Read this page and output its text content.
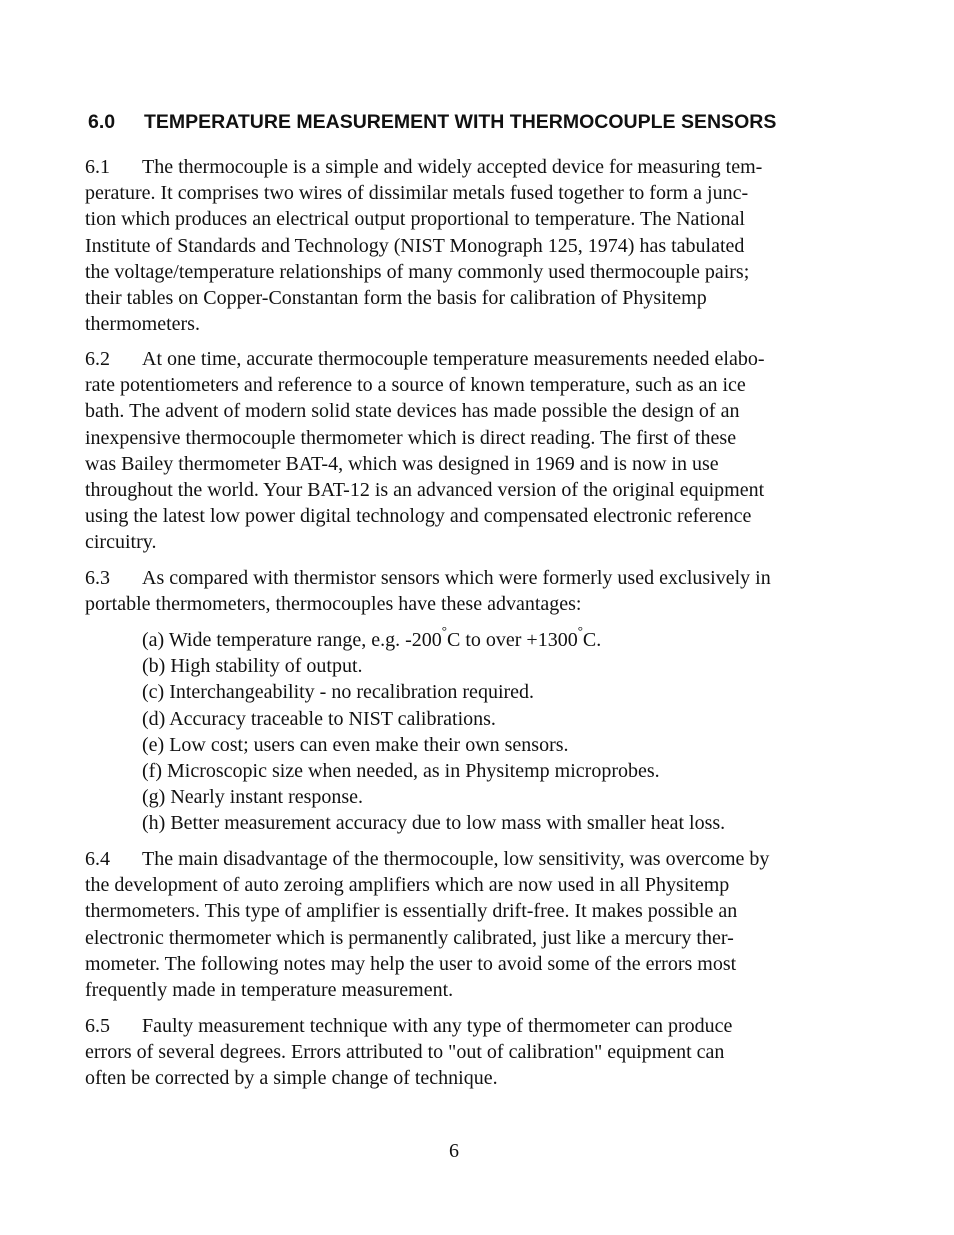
6.0 TEMPERATURE MEASUREMENT WITH THERMOCOUPLE SENSORS
6.1 The thermocouple is a simple and widely accepted device for measuring tem-
perature. It comprises two wires of dissimilar metals fused together to form a junc-
tion which produces an electrical output proportional to temperature. The National
Institute of Standards and Technology (NIST Monograph 125, 1974) has tabulated
the voltage/temperature relationships of many commonly used thermocouple pairs;
their tables on Copper-Constantan form the basis for calibration of Physitemp
thermometers.
6.2 At one time, accurate thermocouple temperature measurements needed elabo-
rate potentiometers and reference to a source of known temperature, such as an ice
bath. The advent of modern solid state devices has made possible the design of an
inexpensive thermocouple thermometer which is direct reading. The first of these
was Bailey thermometer BAT-4, which was designed in 1969 and is now in use
throughout the world. Your BAT-12 is an advanced version of the original equipment
using the latest low power digital technology and compensated electronic reference
circuitry.
6.3 As compared with thermistor sensors which were formerly used exclusively in
portable thermometers, thermocouples have these advantages:
(a) Wide temperature range, e.g. -200°C to over +1300°C.
(b) High stability of output.
(c) Interchangeability - no recalibration required.
(d) Accuracy traceable to NIST calibrations.
(e) Low cost; users can even make their own sensors.
(f) Microscopic size when needed, as in Physitemp microprobes.
(g) Nearly instant response.
(h) Better measurement accuracy due to low mass with smaller heat loss.
6.4 The main disadvantage of the thermocouple, low sensitivity, was overcome by
the development of auto zeroing amplifiers which are now used in all Physitemp
thermometers. This type of amplifier is essentially drift-free. It makes possible an
electronic thermometer which is permanently calibrated, just like a mercury ther-
mometer. The following notes may help the user to avoid some of the errors most
frequently made in temperature measurement.
6.5 Faulty measurement technique with any type of thermometer can produce
errors of several degrees. Errors attributed to "out of calibration" equipment can
often be corrected by a simple change of technique.
6
